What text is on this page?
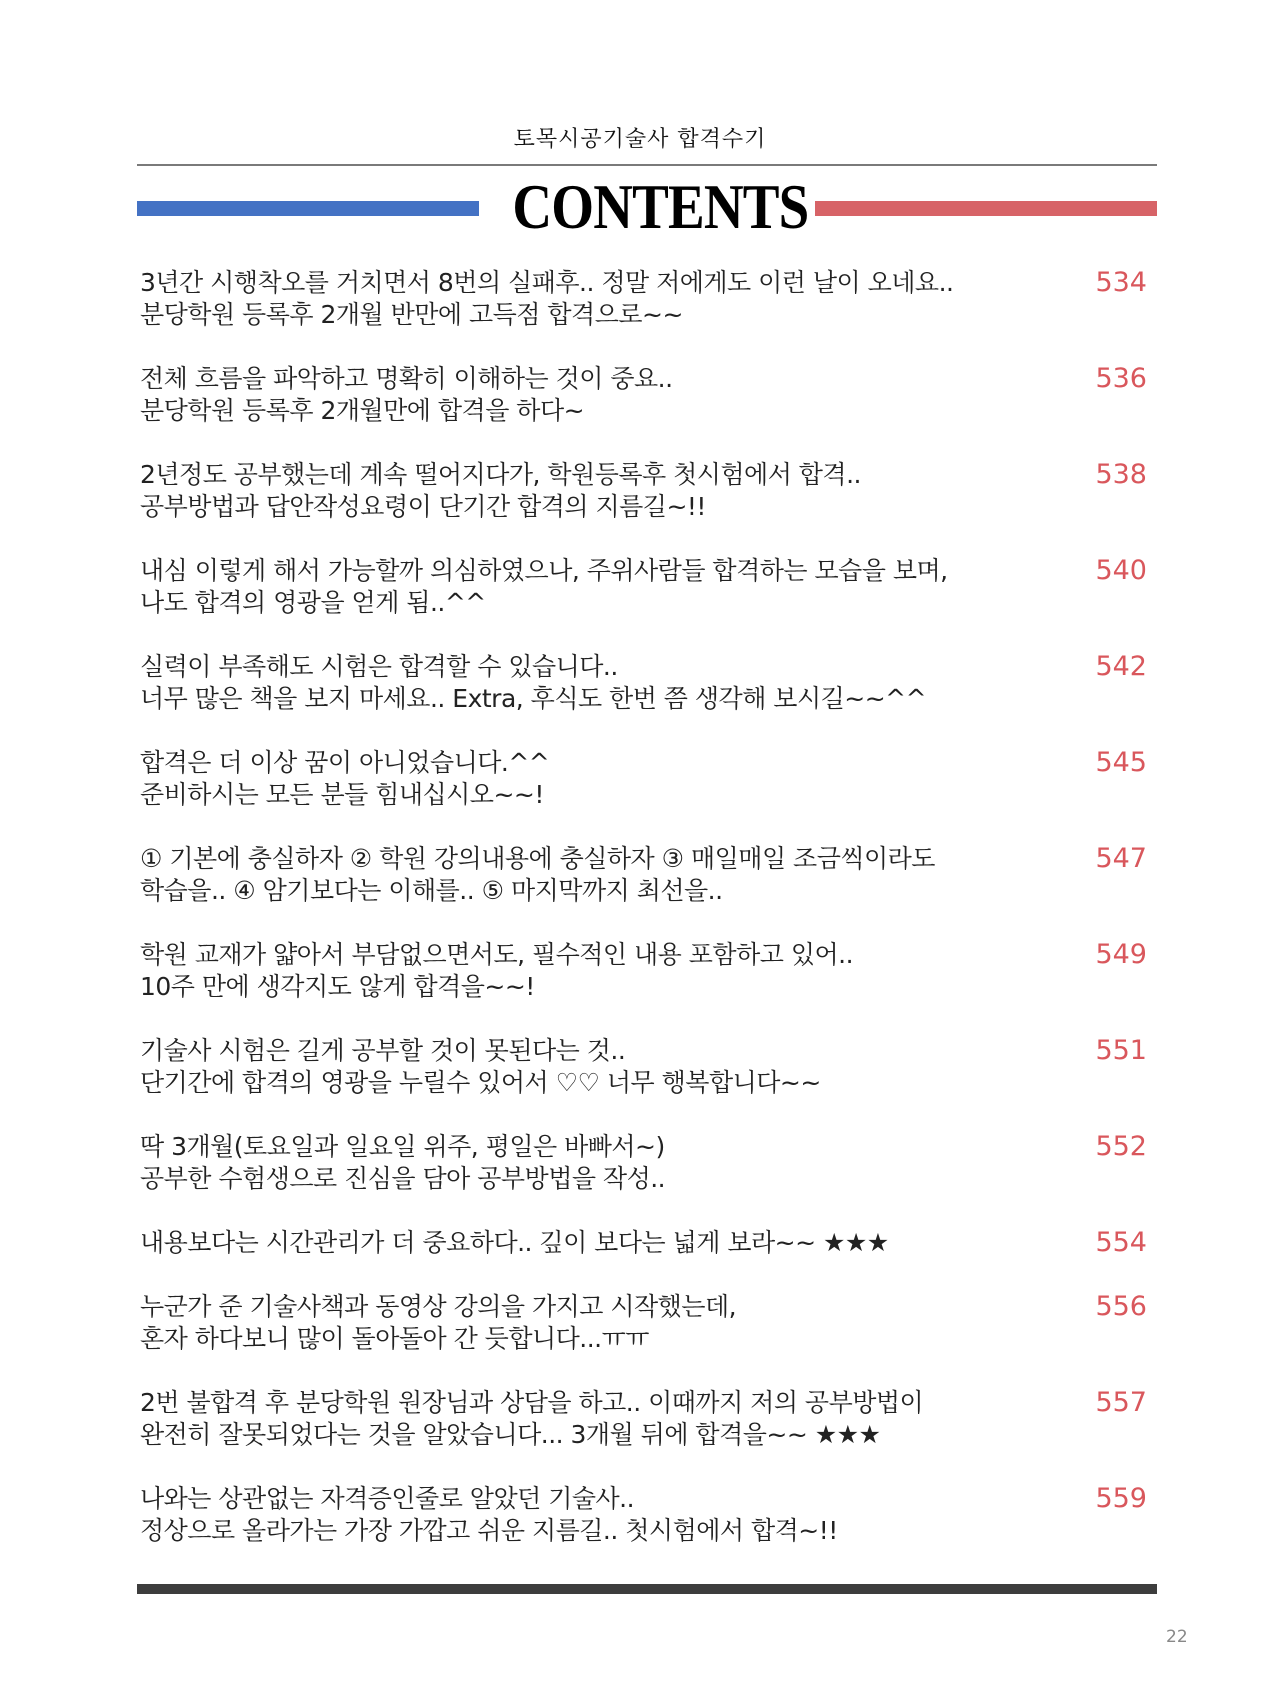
토목시공기술사 합격수기
CONTENTS
3년간 시행착오를 거치면서 8번의 실패후.. 정말 저에게도 이런 날이 오네요..
분당학원 등록후 2개월 반만에 고득점 합격으로~~
534
전체 흐름을 파악하고 명확히 이해하는 것이 중요..
분당학원 등록후 2개월만에 합격을 하다~
536
2년정도 공부했는데 계속 떨어지다가, 학원등록후 첫시험에서 합격..
공부방법과 답안작성요령이 단기간 합격의 지름길~!!
538
내심 이렇게 해서 가능할까 의심하였으나, 주위사람들 합격하는 모습을 보며,
나도 합격의 영광을 얻게 됨..^^
540
실력이 부족해도 시험은 합격할 수 있습니다..
너무 많은 책을 보지 마세요.. Extra, 후식도 한번 쯤 생각해 보시길~~^^
542
합격은 더 이상 꿈이 아니었습니다.^^
준비하시는 모든 분들 힘내십시오~~!
545
① 기본에 충실하자 ② 학원 강의내용에 충실하자 ③ 매일매일 조금씩이라도
학습을.. ④ 암기보다는 이해를.. ⑤ 마지막까지 최선을..
547
학원 교재가 얇아서 부담없으면서도, 필수적인 내용 포함하고 있어..
10주 만에 생각지도 않게 합격을~~!
549
기술사 시험은 길게 공부할 것이 못된다는 것..
단기간에 합격의 영광을 누릴수 있어서 ♡♡ 너무 행복합니다~~
551
딱 3개월(토요일과 일요일 위주, 평일은 바빠서~)
공부한 수험생으로 진심을 담아 공부방법을 작성..
552
내용보다는 시간관리가 더 중요하다.. 깊이 보다는 넓게 보라~~ ★★★	554
누군가 준 기술사책과 동영상 강의을 가지고 시작했는데,
혼자 하다보니 많이 돌아돌아 간 듯합니다...ㅠㅠ
556
2번 불합격 후 분당학원 원장님과 상담을 하고.. 이때까지 저의 공부방법이
완전히 잘못되었다는 것을 알았습니다... 3개월 뒤에 합격을~~ ★★★
557
나와는 상관없는 자격증인줄로 알았던 기술사..
정상으로 올라가는 가장 가깝고 쉬운 지름길.. 첫시험에서 합격~!!
559
22
